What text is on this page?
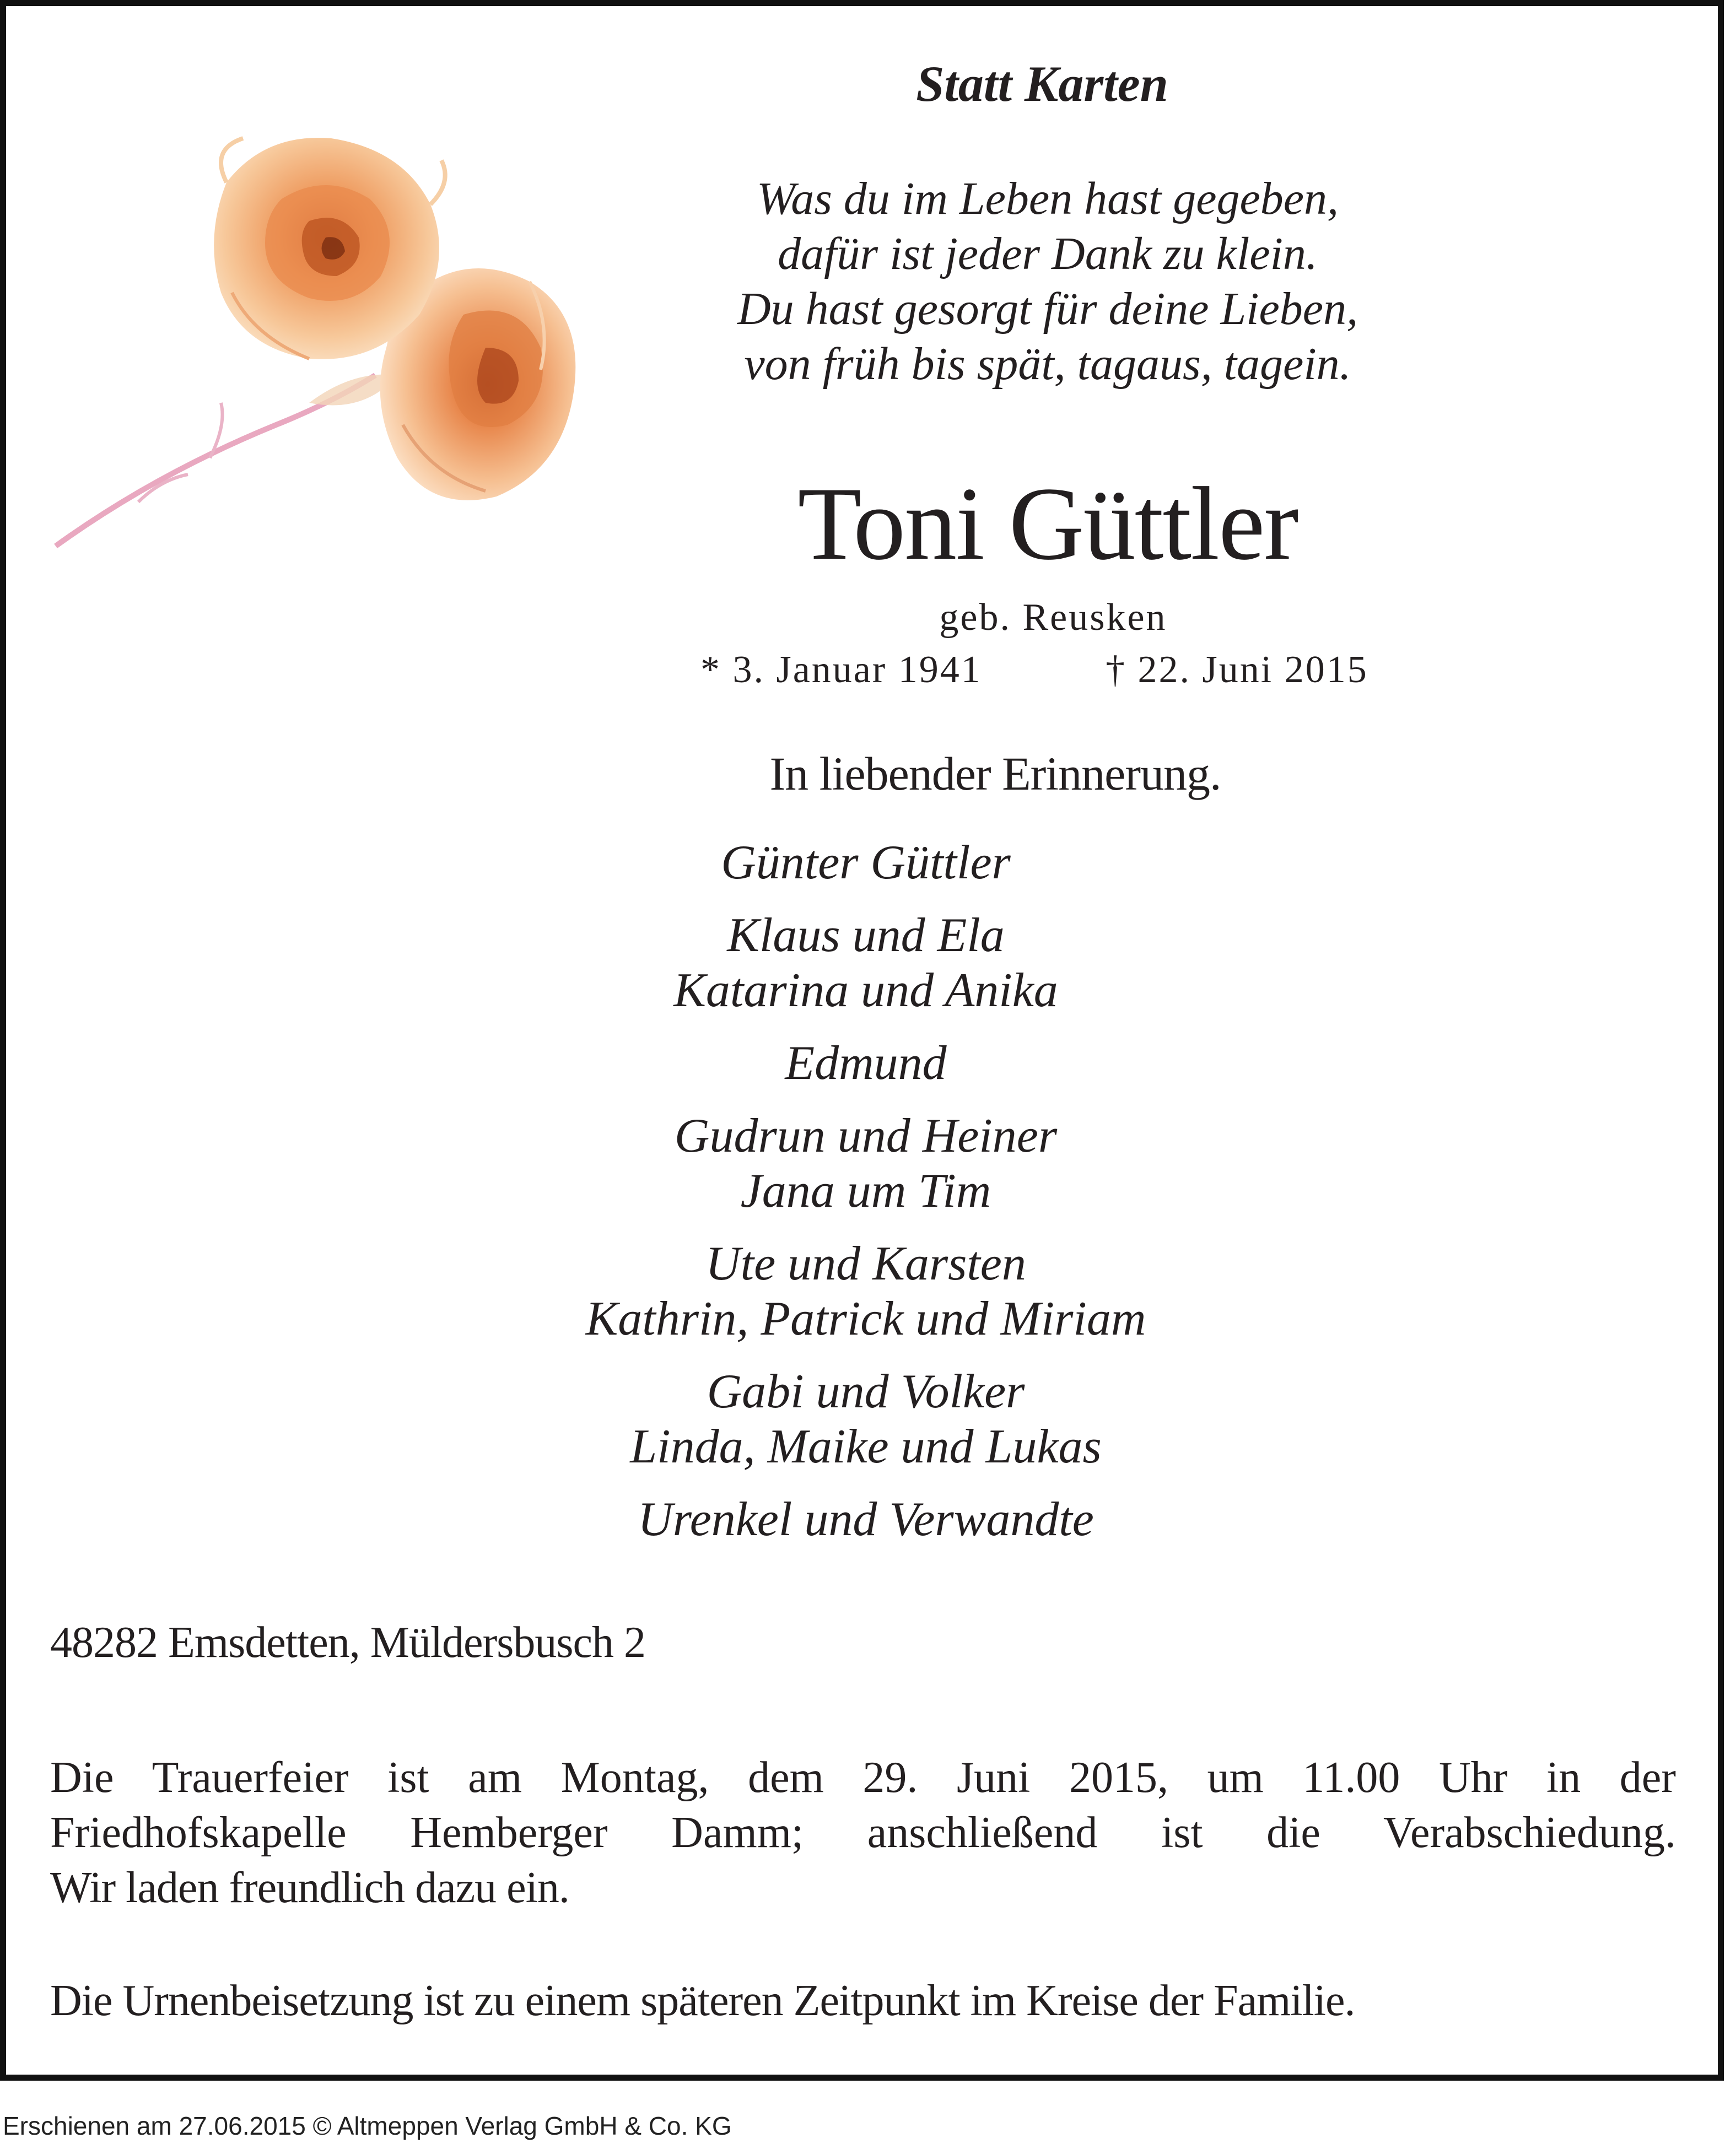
Statt Karten
Was du im Leben hast gegeben,
dafür ist jeder Dank zu klein.
Du hast gesorgt für deine Lieben,
von früh bis spät, tagaus, tagein.
Toni Güttler
geb. Reusken
* 3. Januar 1941	† 22. Juni 2015
In liebender Erinnerung.
Günter Güttler
Klaus und Ela
Katarina und Anika
Edmund
Gudrun und Heiner
Jana um Tim
Ute und Karsten
Kathrin, Patrick und Miriam
Gabi und Volker
Linda, Maike und Lukas
Urenkel und Verwandte
48282 Emsdetten, Müldersbusch 2
Die Trauerfeier ist am Montag, dem 29. Juni 2015, um 11.00 Uhr in der
Friedhofskapelle Hemberger Damm; anschließend ist die Verabschiedung.
Wir laden freundlich dazu ein.
Die Urnenbeisetzung ist zu einem späteren Zeitpunkt im Kreise der Familie.
Erschienen am 27.06.2015 © Altmeppen Verlag GmbH & Co. KG
